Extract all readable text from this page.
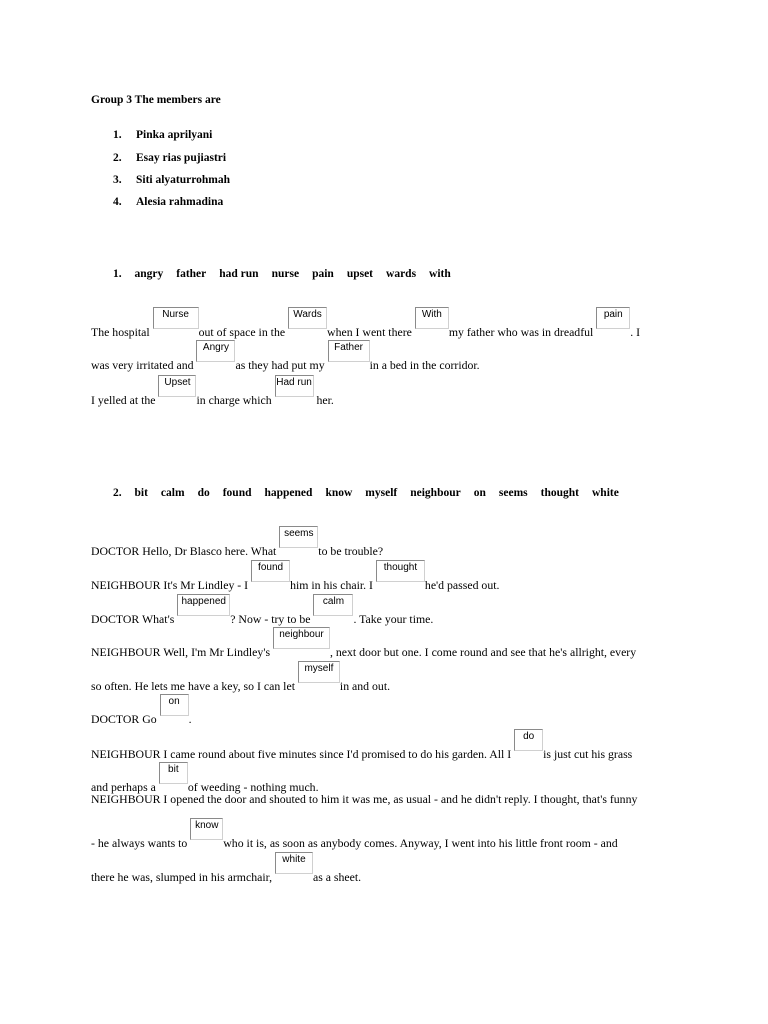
Group 3 The members are
1. Pinka aprilyani
2. Esay rias pujiastri
3. Siti alyaturrohmah
4. Alesia rahmadina
1. angry father had run nurse pain upset wards with
The hospital Nurseout of space in the Wardswhen I went there Withmy father who was in dreadful pain. I
was very irritated and Angryas they had put my Fatherin a bed in the corridor.
I yelled at the Upsetin charge which Had run her.
2. bit calm do found happened know myself neighbour on seems thought white
DOCTOR Hello, Dr Blasco here. What seemsto be trouble?
NEIGHBOUR It's Mr Lindley - I foundhim in his chair. I thoughthe'd passed out.
DOCTOR What's happened? Now - try to be calm. Take your time.
NEIGHBOUR Well, I'm Mr Lindley's neighbour, next door but one. I come round and see that he's allright, every
so often. He lets me have a key, so I can let myselfin and out.
DOCTOR Go on.
NEIGHBOUR I came round about five minutes since I'd promised to do his garden. All I dois just cut his grass
and perhaps a bitof weeding - nothing much.
NEIGHBOUR I opened the door and shouted to him it was me, as usual - and he didn't reply. I thought, that's funny
- he always wants to knowwho it is, as soon as anybody comes. Anyway, I went into his little front room - and
there he was, slumped in his armchair, whiteas a sheet.
